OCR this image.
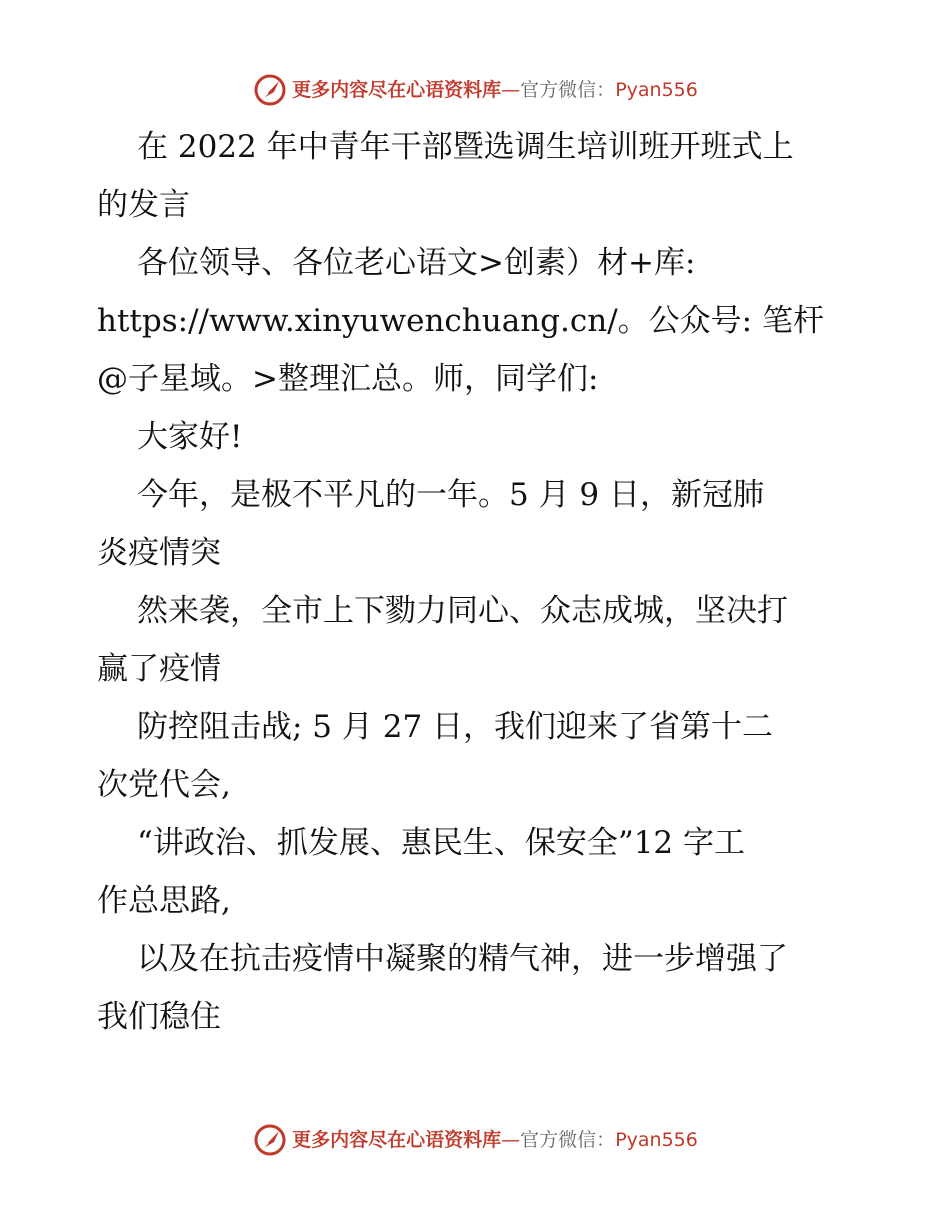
更多内容尽在心语资料库 — 官方微信： Pyan556
在 2022 年中青年干部暨选调生培训班开班式上
的发言
各位领导、各位老心语文>创素）材+库:
https://www.xinyuwenchuang.cn/。公众号: 笔杆
@子星域。>整理汇总。师，同学们:
大家好!
今年，是极不平凡的一年。5 月 9 日，新冠肺
炎疫情突
然来袭，全市上下勠力同心、众志成城，坚决打
赢了疫情
防控阻击战; 5 月 27 日，我们迎来了省第十二
次党代会,
“讲政治、抓发展、惠民生、保安全”12 字工
作总思路,
以及在抗击疫情中凝聚的精气神，进一步增强了
我们稳住
更多内容尽在心语资料库 — 官方微信： Pyan556
